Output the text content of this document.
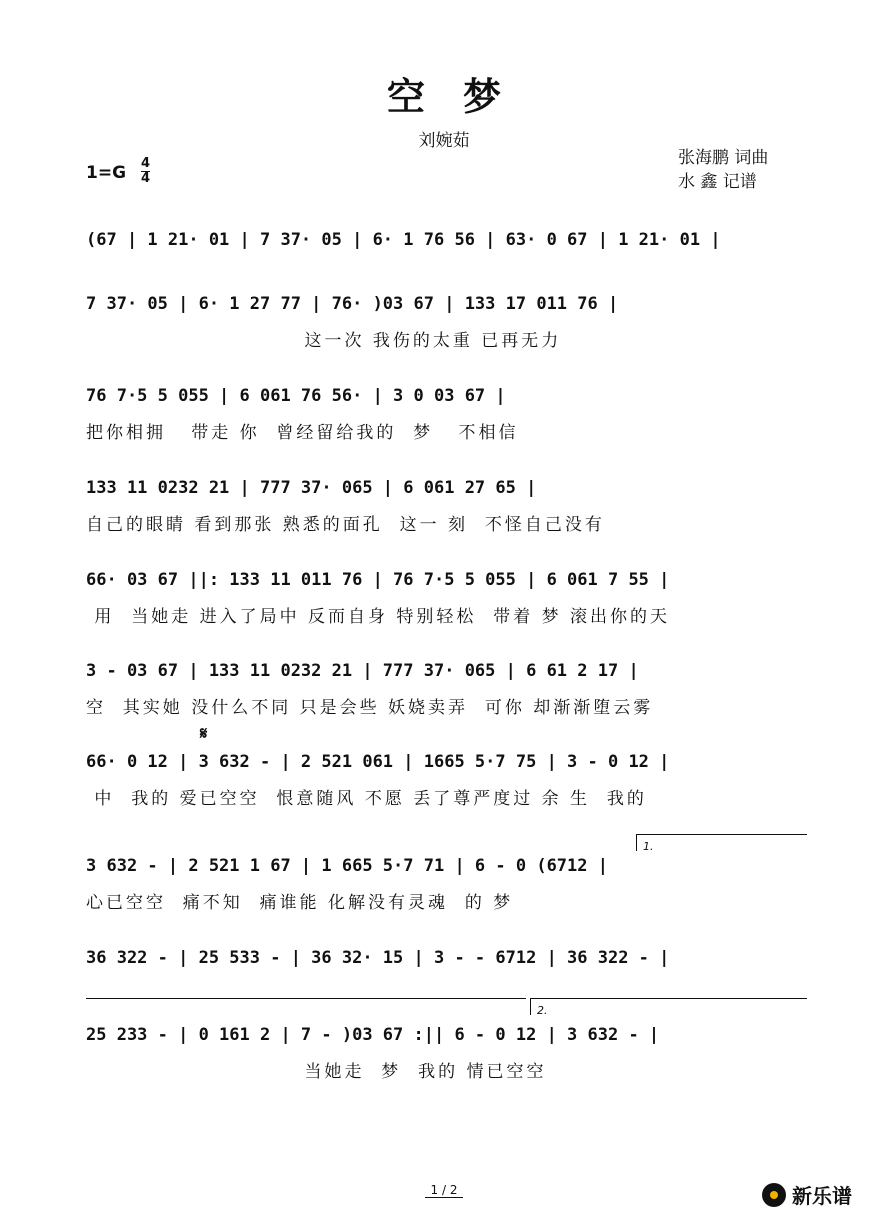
空梦
刘婉茹
张海鹏 词曲
水 鑫 记谱
$1=G \frac{4}{4}$
(67 | 1 21· 01 | 7 37· 05 | 6· 1 76 56 | 63· 0 67 | 1 21· 01 |
7 37· 05 | 6· 1 27 77 | 76· )03 67 | 133 17 011 76 |
这一次 我伤的太重 已再无力
76 7·5 5 055 | 6 061 76 56· | 3 0 03 67 |
把你相拥   带走 你  曾经留给我的  梦   不相信
133 11 0232 21 | 777 37· 065 | 6 061 27 65 |
自己的眼睛 看到那张 熟悉的面孔  这一 刻  不怪自己没有
66· 03 67 ||: 133 11 011 76 | 76 7·5 5 055 | 6 061 7 55 |
用  当她走 进入了局中 反而自身 特别轻松  带着 梦 滚出你的天
3 - 03 67 | 133 11 0232 21 | 777 37· 065 | 6 61 2 17 |
空  其实她 没什么不同 只是会些 妖娆卖弄  可你 却渐渐堕云雾
𝄋
66· 0 12 | 3 632 - | 2 521 061 | 1665 5·7 75 | 3 - 0 12 |
中  我的 爱已空空  恨意随风 不愿 丢了尊严度过 余 生  我的
1.
3 632 - | 2 521 1 67 | 1 665 5·7 71 | 6 - 0 (6712 |
心已空空  痛不知  痛谁能 化解没有灵魂  的 梦
36 322 - | 25 533 - | 36 32· 15 | 3 - - 6712 | 36 322 - |
2.
25 233 - | 0 161 2 | 7 - )03 67 :|| 6 - 0 12 | 3 632 - |
当她走  梦  我的 情已空空
1 / 2	新乐谱
